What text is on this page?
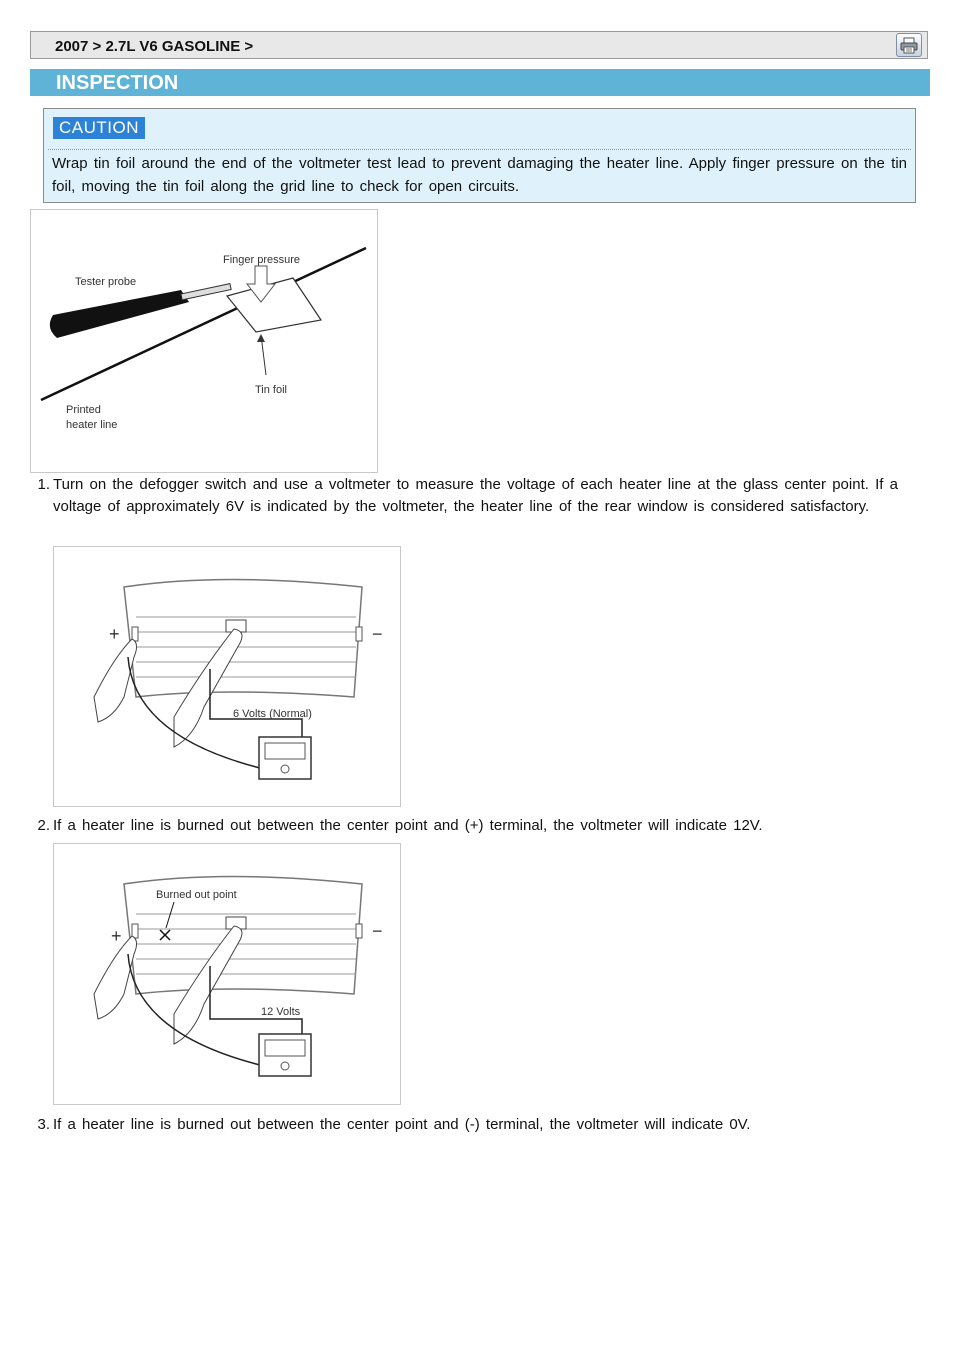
2007 > 2.7L V6 GASOLINE >
INSPECTION
CAUTION
Wrap tin foil around the end of the voltmeter test lead to prevent damaging the heater line. Apply finger pressure on the tin foil, moving the tin foil along the grid line to check for open circuits.
Finger pressure
Tester probe
Tin foil
Printed
heater line
1. Turn on the defogger switch and use a voltmeter to measure the voltage of each heater line at the glass center point. If a voltage of approximately 6V is indicated by the voltmeter, the heater line of the rear window is considered satisfactory.
+	−
6 Volts (Normal)
2. If a heater line is burned out between the center point and (+) terminal, the voltmeter will indicate 12V.
Burned out point
+	−
12 Volts
3. If a heater line is burned out between the center point and (-) terminal, the voltmeter will indicate 0V.
